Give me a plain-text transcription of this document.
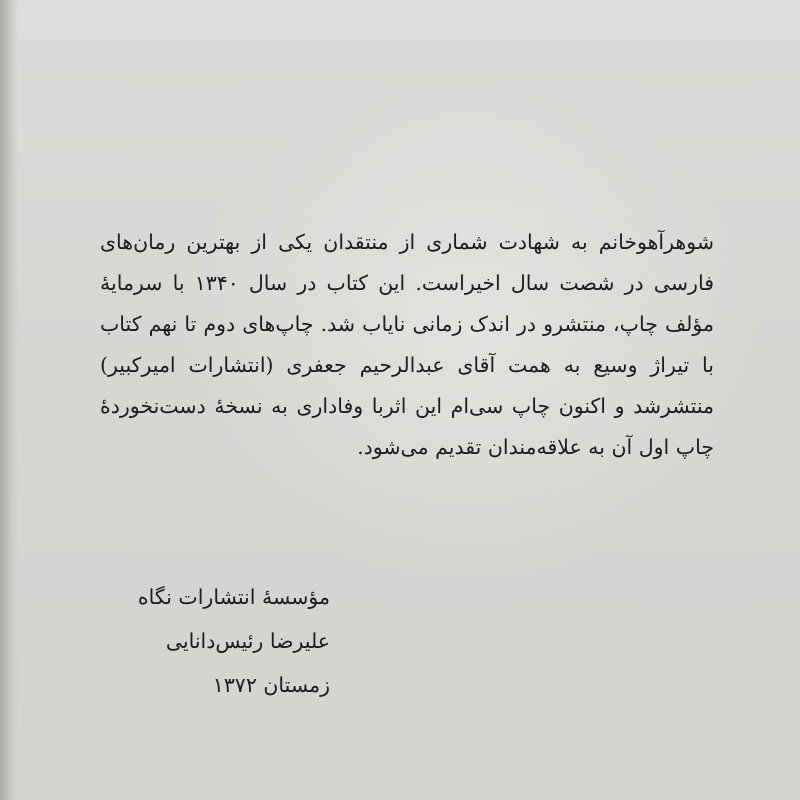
شوهرآهوخانم به شهادت شماری از منتقدان یکی از بهترین رمان‌های فارسی در شصت سال اخیراست. این کتاب در سال ۱۳۴۰ با سرمایهٔ مؤلف چاپ، منتشرو در اندک زمانی نایاب شد. چاپ‌های دوم تا نهم کتاب با تیراژ وسیع به همت آقای عبدالرحیم جعفری (انتشارات امیرکبیر) منتشرشد و اکنون چاپ سی‌ام این اثربا وفاداری به نسخهٔ دست‌نخوردهٔ چاپ اول آن به علاقه‌مندان تقدیم می‌شود.

مؤسسهٔ انتشارات نگاه
علیرضا رئیس‌دانایی
زمستان ۱۳۷۲
